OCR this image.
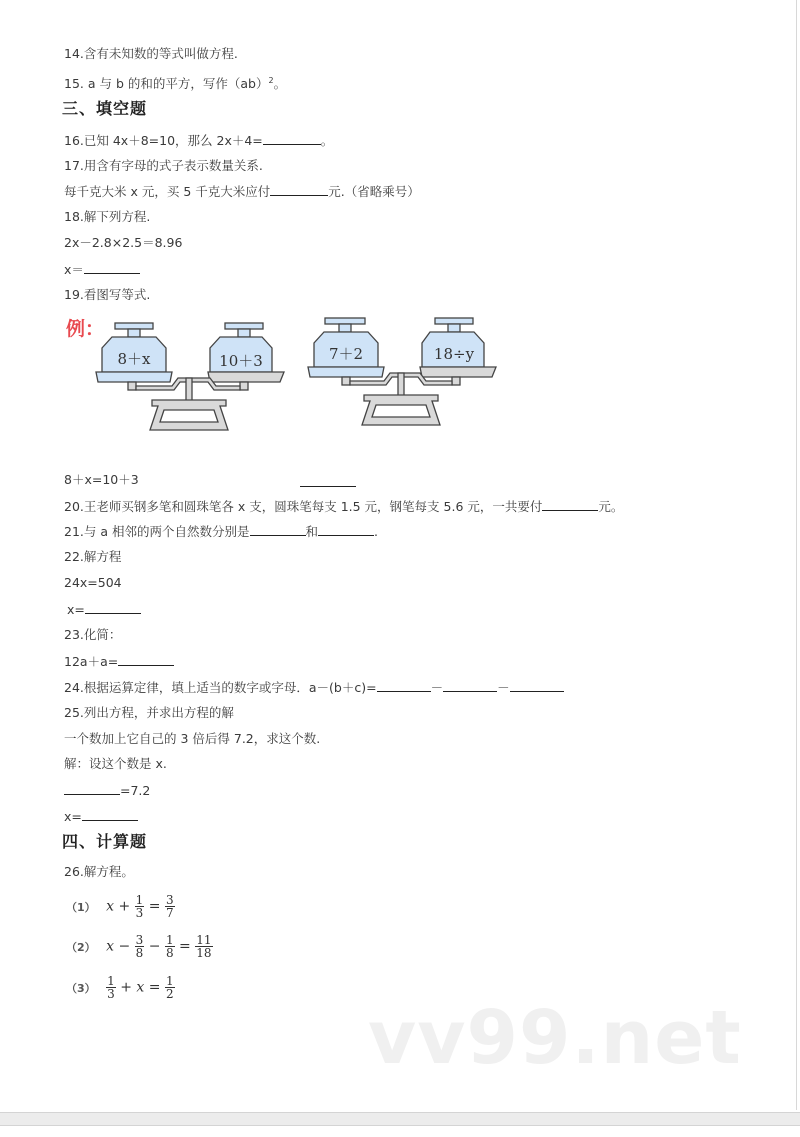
14.含有未知数的等式叫做方程.
15. a 与 b 的和的平方，写作（ab）$^2$。
三、填空题
16.已知 4x＋8=10，那么 2x＋4=	。
17.用含有字母的式子表示数量关系.
每千克大米 x 元，买 5 千克大米应付	元.（省略乘号）
18.解下列方程.
2x－2.8×2.5＝8.96
x＝
19.看图写等式.
例：
8＋x	10＋3	7＋2	18÷y
8＋x=10＋3
20.王老师买钢多笔和圆珠笔各 x 支，圆珠笔每支 1.5 元，钢笔每支 5.6 元，一共要付	元。
21.与 a 相邻的两个自然数分别是	和	.
22.解方程
24x=504
x=
23.化简：
12a＋a=
24.根据运算定律，填上适当的数字或字母．a－(b＋c)=	－	－
25.列出方程，并求出方程的解
一个数加上它自己的 3 倍后得 7.2，求这个数.
解：设这个数是 x.
=7.2
x=
四、计算题
26.解方程。
（1） $x + \frac{1}{3} = \frac{3}{7}$
（2） $x - \frac{3}{8} - \frac{1}{8} = \frac{11}{18}$
$(3) \frac{1}{3} + x = \frac{1}{2}$
vv99.net
